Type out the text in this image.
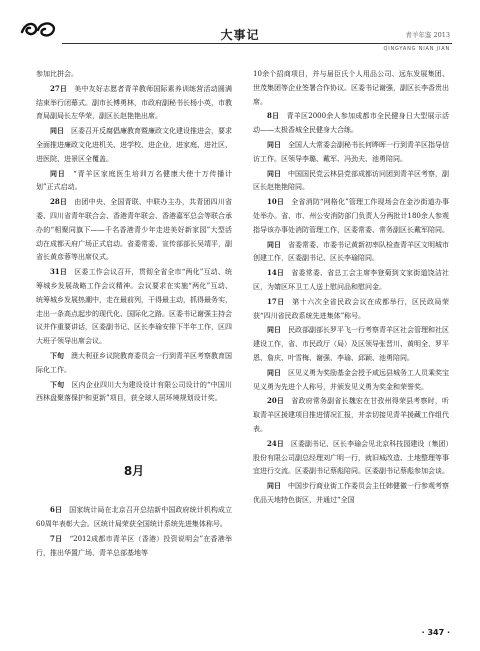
大事记	青羊年鉴 2013
QINGYANG NIAN JIAN

参加比拼会。

27日　 美中友好志愿者青羊教师国际素养训练营活动圆满结束举行闭幕式。副市长傅勇林，市政府副秘书长杨小英，市教育局副局长左华荣，副区长赵艳艳出席。

同日　 区委召开反腐倡廉教育暨廉政文化建设推进会，要求全面推进廉政文化进机关、进学校、进企业、进家庭、进社区、进医院、进景区全覆盖。

同日　 “青羊区家庭医生培训万名健康大使十万传播计划”正式启动。

28日　 由团中央、全国青联、中联办主办，共青团四川省委、四川省青年联合会、香港青年联会、香港嘉军总会等联合承办的“相聚同旗下——千名香港青少年走进美好新家园”大型活动在成都天府广场正式启动。省委常委、宣传部部长吴靖平，副省长黄彦蓉等出席仪式。

31日　 区委工作会议召开，贯彻全省全市“两化”互动、统筹城乡发展战略工作会议精神。会议要求在实施“两化”互动、统筹城乡发展热潮中，走在最前列，干得最主动，抓得最务实，走出一条高点起步的现代化、国际化之路。区委书记谢强主持会议并作重要讲话，区委副书记、区长李瑜安排下半年工作，区四大班子领导出席会议。

下旬　 澳大利亚乡议院教育委员会一行到青羊区考察教育国际化工作。

下旬　 区内企业四川大为建设设计有限公司设计的“中国川西林盘聚落保护和更新”项目，获全球人居环境规划设计奖。

8月

6日　 国家统计局在北京召开总结新中国政府统计机构成立60周年表彰大会。区统计局荣获全国统计系统先进集体称号。

7日　 “2012成都市青羊区（香港）投资说明会”在香港举行，推出华置广场、青羊总部基地等

10余个招商项目，并与届臣氏个人用品公司、远东发展集团、世茂集团等企业签署合作协议。区委书记谢强，副区长李香贵出席。

8日　 青羊区2000余人参加成都市全民健身日大型展示活动——太极香城全民健身大合练。

同日　 全国人大常委会副秘书长何晔晖一行到青羊区指导信访工作。区领导李璐、戴军、冯劲夫、池勇陪同。

同日　 中国国民党云林县党部成都访问团到青羊区考察，副区长赵艳艳陪同。

10日　 全省消防“网格化”管理工作现场会在金沙街道办事处举办。省、市、州公安消防部门负责人分两批计180余人参观指导该办事处消防管理工作，区委常委、常务副区长戴军陪同。

同日　 省委常委、市委书记黄新初率队检查青羊区文明城市创建工作，区委副书记、区长李瑜陪同。

14日　 省委常委、省总工会主席李登菊到文家街道饶洁社区，为婧区环卫工人送上慰问品和慰问金。

17日　 第十六次全省民政会议在成都举行，区民政局荣获“四川省民政系统先进集体”称号。

同日　 民政部副部长罗平飞一行考察青羊区社会管理和社区建设工作，省、市民政厅（局）及区领导张晋川、黄明全、罗平恩、詹庆、叶雪梅、谢强、李瑜、邱颖、池勇陪同。

同日　 区见义勇为奖励基金会授予咸远县城务工人员乘奖宝见义勇为先进个人称号，并颁发见义勇为奖金和荣誉奖。

20日　 省政府常务副省长魏宏在甘孜州得荣县考察时，听取青羊区援建项目推进情况汇报，并亲切接见青羊援藏工作组代表。

24日　 区委副书记、区长李瑜会见北京科技园建设（集团）股份有限公司副总经理刘广明一行，就旧城改造、土地整理等事宜进行交流。区委副书记蔡彪陪同。区委副书记蔡彪参加会谈。

同日　 中国步行商业街工作委员会主任韩健徽一行参观考察优品天地特色街区，并通过“全国

· 347 ·
